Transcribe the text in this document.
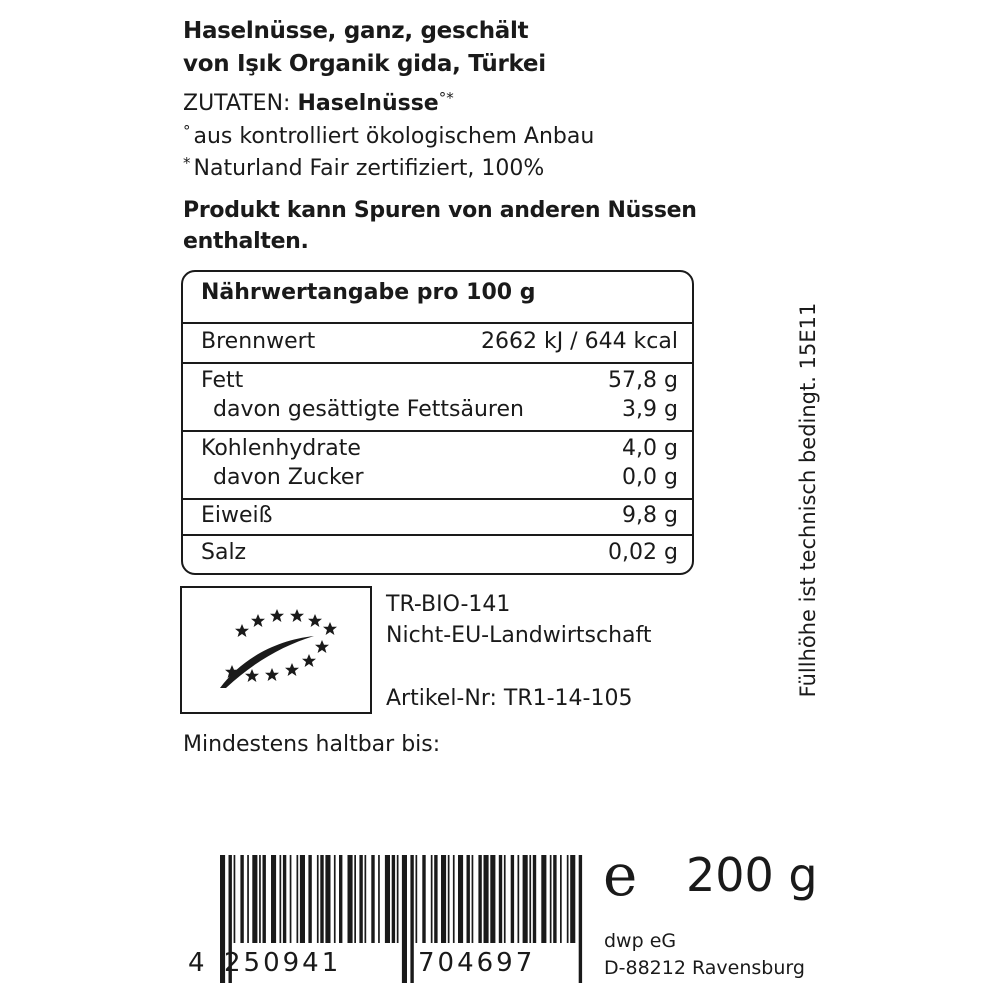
Haselnüsse, ganz, geschält
von Işık Organik gida, Türkei
ZUTATEN: Haselnüsse°*
° aus kontrolliert ökologischem Anbau
* Naturland Fair zertifiziert, 100%
Produkt kann Spuren von anderen Nüssen
enthalten.
Nährwertangabe pro 100 g
Brennwert	2662 kJ / 644 kcal
Fett	57,8 g
davon gesättigte Fettsäuren	3,9 g
Kohlenhydrate	4,0 g
davon Zucker	0,0 g
Eiweiß	9,8 g
Salz	0,02 g
TR-BIO-141
Nicht-EU-Landwirtschaft
Artikel-Nr: TR1-14-105
Mindestens haltbar bis:
Füllhöhe ist technisch bedingt. 15E11
4 250941	704697
e 200 g
dwp eG
D-88212 Ravensburg
